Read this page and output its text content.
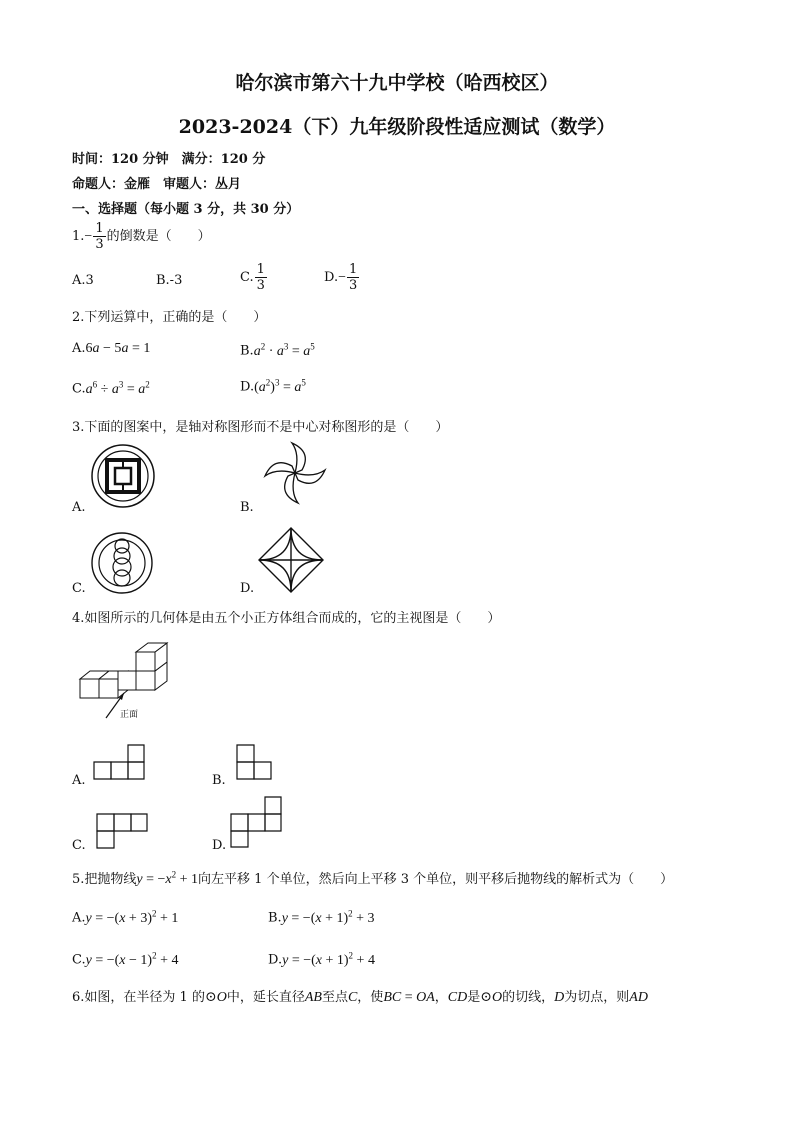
哈尔滨市第六十九中学校（哈西校区）
2023-2024（下）九年级阶段性适应测试（数学）
时间：120 分钟　满分：120 分
命题人：金雁　审题人：丛月
一、选择题（每小题 3 分，共 30 分）
$1.- \frac{1}{3}$ 的倒数是（　　）
A.3	B.-3	C. $\frac{1}{3}$	$D.- \frac{1}{3}$
2.下列运算中，正确的是（　　）
A.6a − 5a = 1	$B.a^2 \cdot a^3 = a^5$
$C.a^6 \div a^3 = a^2$	$D.(a^2)^3 = a^5$
3.下面的图案中，是轴对称图形而不是中心对称图形的是（　　）
A.	B.
C.	D.
4.如图所示的几何体是由五个小正方体组合而成的，它的主视图是（　　）
正面
A.	B.
C.	D.
5.把抛物线$y = -x^2 + 1$向左平移 1 个单位，然后向上平移 3 个单位，则平移后抛物线的解析式为（　　）
$A.y = -(x + 3)^2 + 1$	$B.y = -(x + 1)^2 + 3$
$C.y = -(x - 1)^2 + 4$	$D.y = -(x + 1)^2 + 4$
6.如图，在半径为 1 的⊙O中，延长直径AB至点C，使BC = OA，CD是⊙O的切线，D为切点，则AD
